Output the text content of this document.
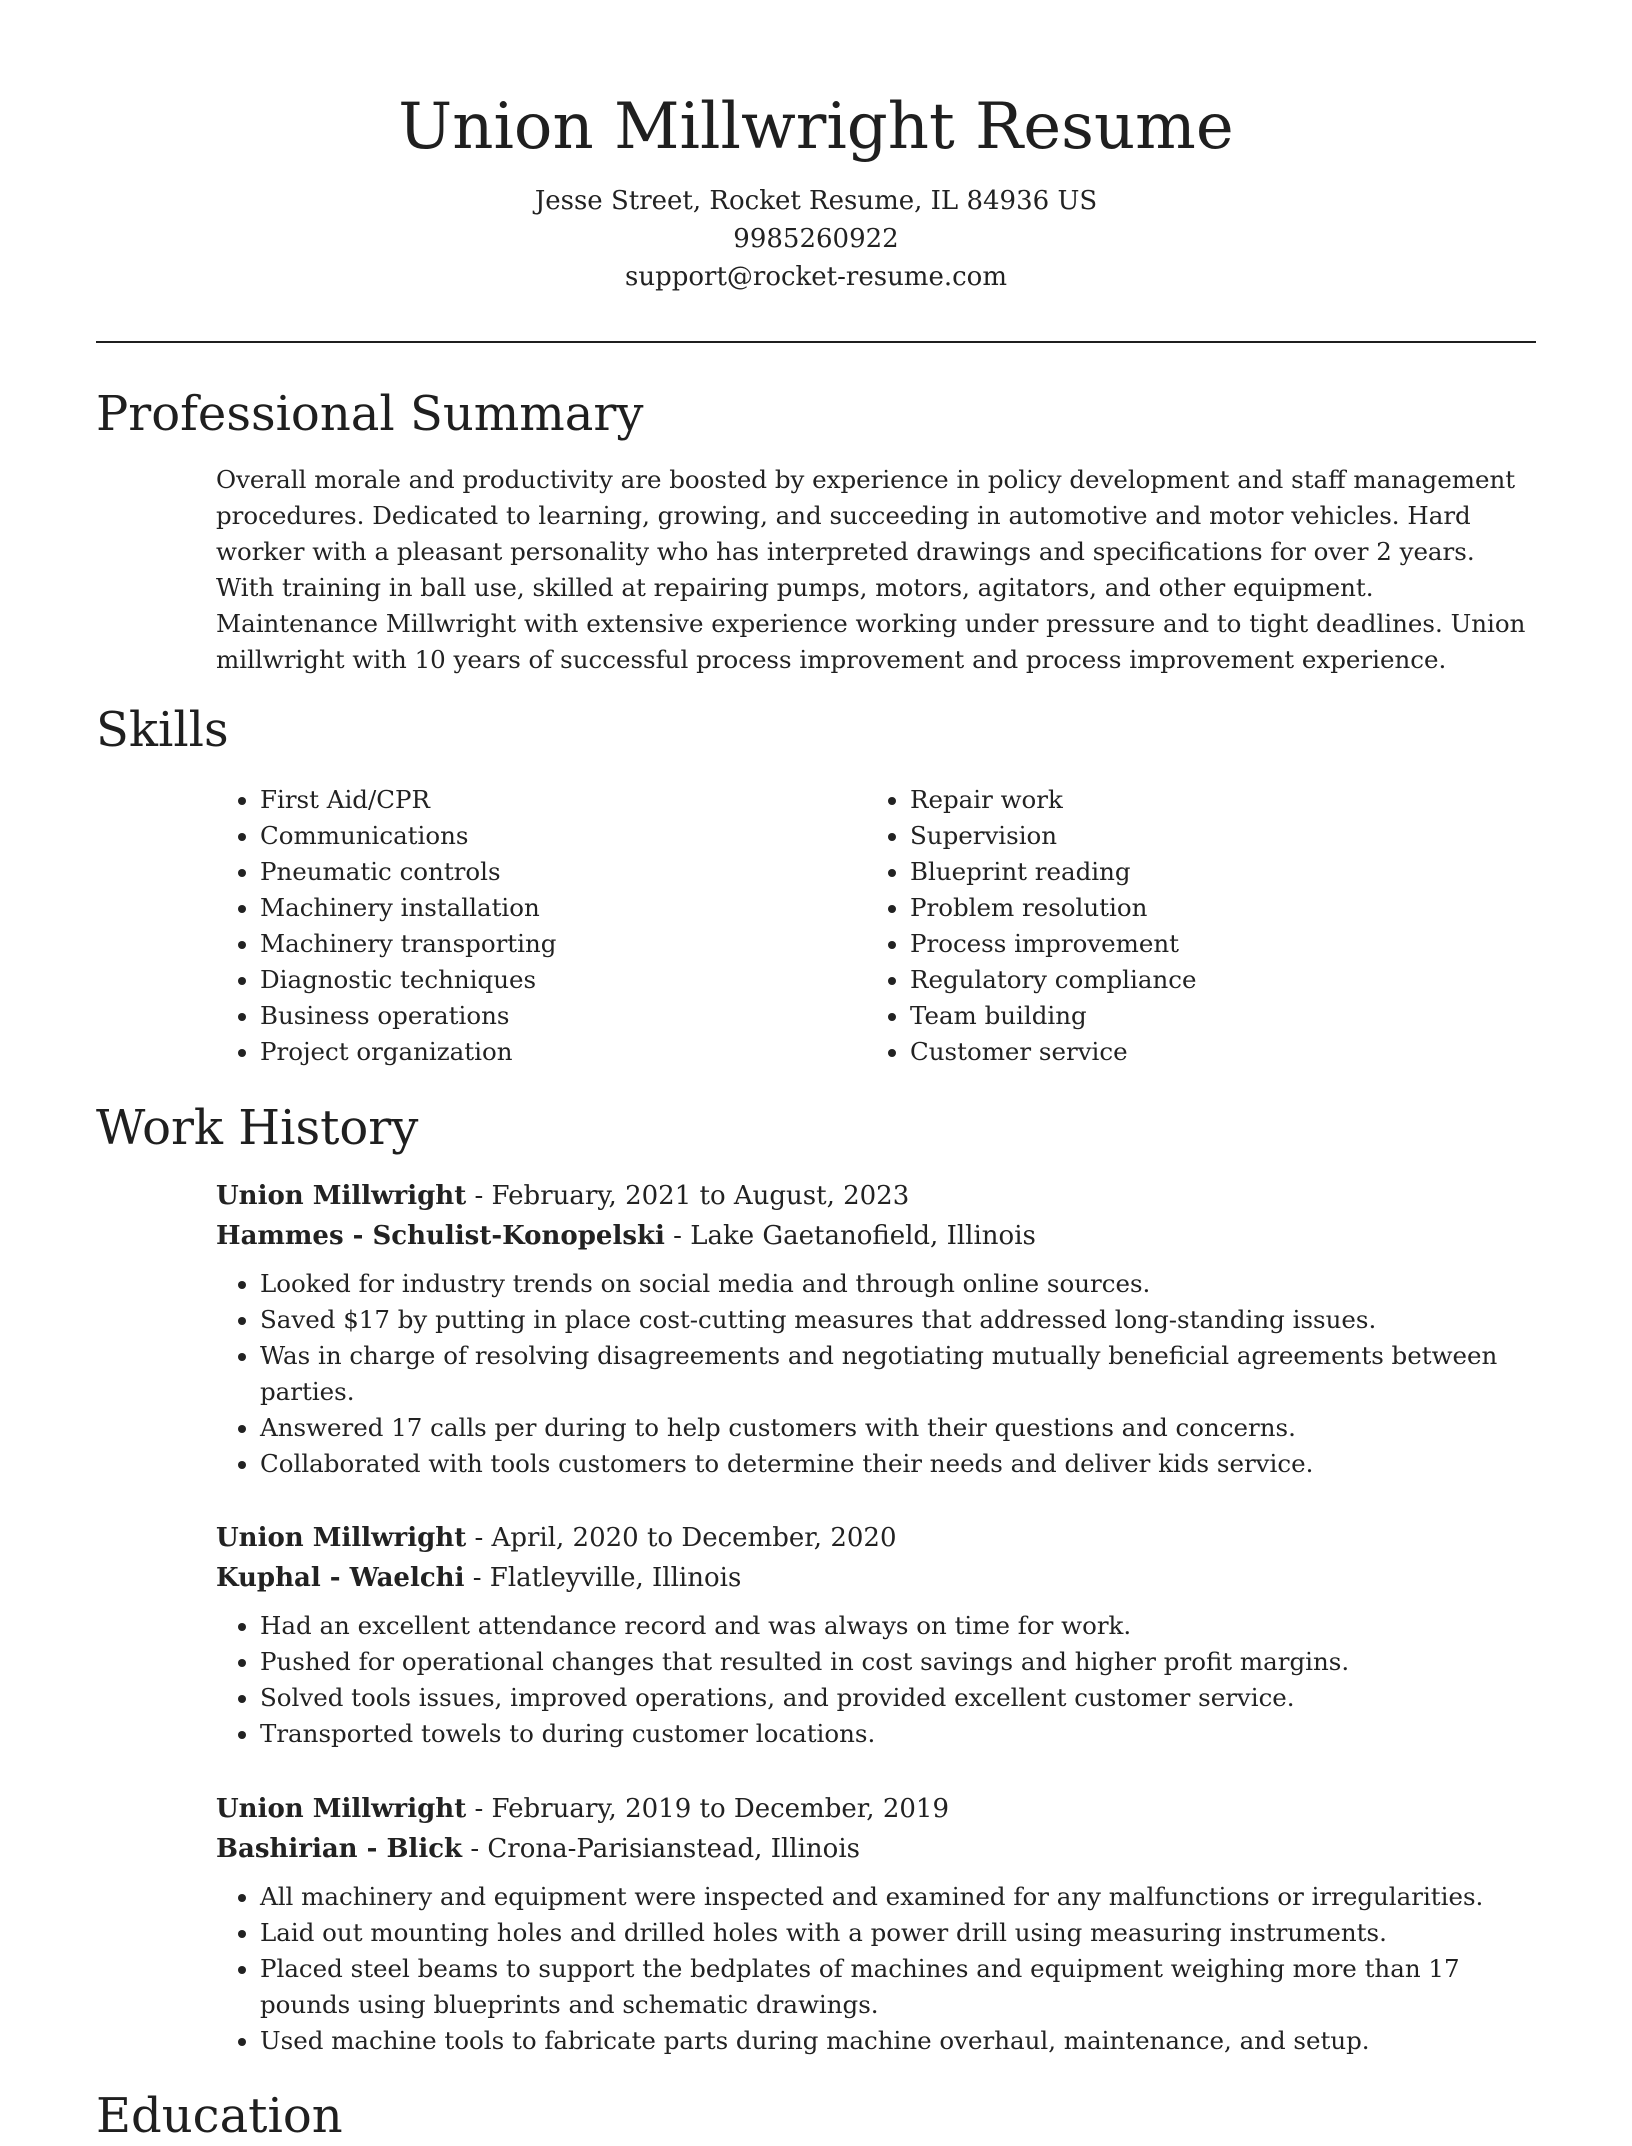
Union Millwright Resume
Jesse Street, Rocket Resume, IL 84936 US
9985260922
support@rocket-resume.com
Professional Summary

Overall morale and productivity are boosted by experience in policy development and staff management procedures. Dedicated to learning, growing, and succeeding in automotive and motor vehicles. Hard worker with a pleasant personality who has interpreted drawings and specifications for over 2 years. With training in ball use, skilled at repairing pumps, motors, agitators, and other equipment. Maintenance Millwright with extensive experience working under pressure and to tight deadlines. Union millwright with 10 years of successful process improvement and process improvement experience.

Skills
• First Aid/CPR
• Communications
• Pneumatic controls
• Machinery installation
• Machinery transporting
• Diagnostic techniques
• Business operations
• Project organization
• Repair work
• Supervision
• Blueprint reading
• Problem resolution
• Process improvement
• Regulatory compliance
• Team building
• Customer service
Work History
Union Millwright - February, 2021 to August, 2023
Hammes - Schulist-Konopelski - Lake Gaetanofield, Illinois
• Looked for industry trends on social media and through online sources.
• Saved $17 by putting in place cost-cutting measures that addressed long-standing issues.
• Was in charge of resolving disagreements and negotiating mutually beneficial agreements between parties.
• Answered 17 calls per during to help customers with their questions and concerns.
• Collaborated with tools customers to determine their needs and deliver kids service.
Union Millwright - April, 2020 to December, 2020
Kuphal - Waelchi - Flatleyville, Illinois
• Had an excellent attendance record and was always on time for work.
• Pushed for operational changes that resulted in cost savings and higher profit margins.
• Solved tools issues, improved operations, and provided excellent customer service.
• Transported towels to during customer locations.
Union Millwright - February, 2019 to December, 2019
Bashirian - Blick - Crona-Parisianstead, Illinois
• All machinery and equipment were inspected and examined for any malfunctions or irregularities.
• Laid out mounting holes and drilled holes with a power drill using measuring instruments.
• Placed steel beams to support the bedplates of machines and equipment weighing more than 17 pounds using blueprints and schematic drawings.
• Used machine tools to fabricate parts during machine overhaul, maintenance, and setup.
Education
